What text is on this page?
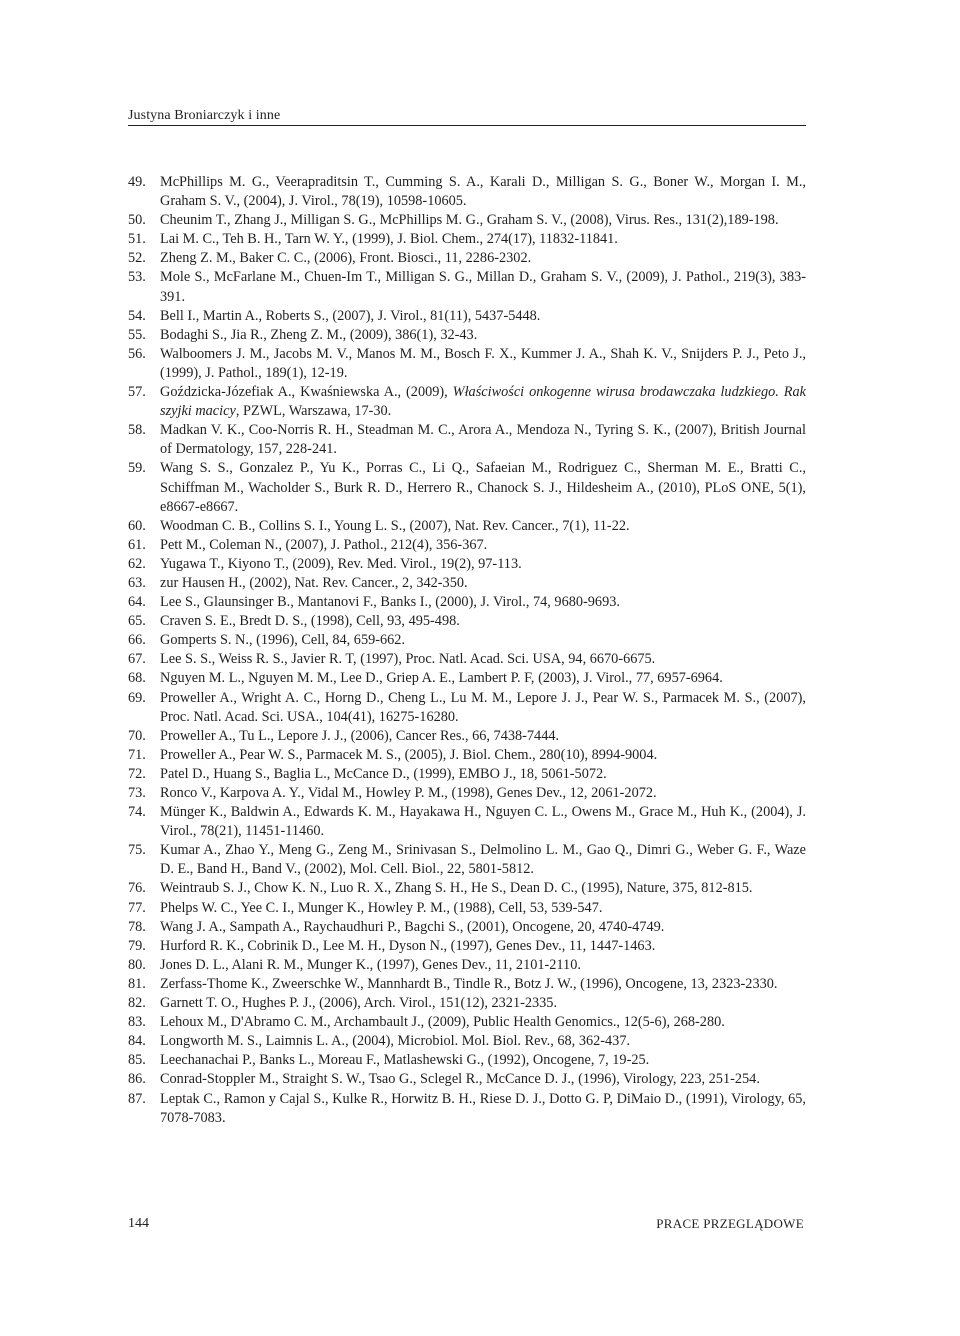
Justyna Broniarczyk i inne
49. McPhillips M. G., Veerapraditsin T., Cumming S. A., Karali D., Milligan S. G., Boner W., Morgan I. M., Graham S. V., (2004), J. Virol., 78(19), 10598-10605.
50. Cheunim T., Zhang J., Milligan S. G., McPhillips M. G., Graham S. V., (2008), Virus. Res., 131(2),189-198.
51. Lai M. C., Teh B. H., Tarn W. Y., (1999), J. Biol. Chem., 274(17), 11832-11841.
52. Zheng Z. M., Baker C. C., (2006), Front. Biosci., 11, 2286-2302.
53. Mole S., McFarlane M., Chuen-Im T., Milligan S. G., Millan D., Graham S. V., (2009), J. Pathol., 219(3), 383-391.
54. Bell I., Martin A., Roberts S., (2007), J. Virol., 81(11), 5437-5448.
55. Bodaghi S., Jia R., Zheng Z. M., (2009), 386(1), 32-43.
56. Walboomers J. M., Jacobs M. V., Manos M. M., Bosch F. X., Kummer J. A., Shah K. V., Snijders P. J., Peto J., (1999), J. Pathol., 189(1), 12-19.
57. Goździcka-Józefiak A., Kwaśniewska A., (2009), Właściwości onkogenne wirusa brodawczaka ludzkiego. Rak szyjki macicy, PZWL, Warszawa, 17-30.
58. Madkan V. K., Coo-Norris R. H., Steadman M. C., Arora A., Mendoza N., Tyring S. K., (2007), British Journal of Dermatology, 157, 228-241.
59. Wang S. S., Gonzalez P., Yu K., Porras C., Li Q., Safaeian M., Rodriguez C., Sherman M. E., Bratti C., Schiffman M., Wacholder S., Burk R. D., Herrero R., Chanock S. J., Hildesheim A., (2010), PLoS ONE, 5(1), e8667-e8667.
60. Woodman C. B., Collins S. I., Young L. S., (2007), Nat. Rev. Cancer., 7(1), 11-22.
61. Pett M., Coleman N., (2007), J. Pathol., 212(4), 356-367.
62. Yugawa T., Kiyono T., (2009), Rev. Med. Virol., 19(2), 97-113.
63. zur Hausen H., (2002), Nat. Rev. Cancer., 2, 342-350.
64. Lee S., Glaunsinger B., Mantanovi F., Banks I., (2000), J. Virol., 74, 9680-9693.
65. Craven S. E., Bredt D. S., (1998), Cell, 93, 495-498.
66. Gomperts S. N., (1996), Cell, 84, 659-662.
67. Lee S. S., Weiss R. S., Javier R. T, (1997), Proc. Natl. Acad. Sci. USA, 94, 6670-6675.
68. Nguyen M. L., Nguyen M. M., Lee D., Griep A. E., Lambert P. F, (2003), J. Virol., 77, 6957-6964.
69. Proweller A., Wright A. C., Horng D., Cheng L., Lu M. M., Lepore J. J., Pear W. S., Parmacek M. S., (2007), Proc. Natl. Acad. Sci. USA., 104(41), 16275-16280.
70. Proweller A., Tu L., Lepore J. J., (2006), Cancer Res., 66, 7438-7444.
71. Proweller A., Pear W. S., Parmacek M. S., (2005), J. Biol. Chem., 280(10), 8994-9004.
72. Patel D., Huang S., Baglia L., McCance D., (1999), EMBO J., 18, 5061-5072.
73. Ronco V., Karpova A. Y., Vidal M., Howley P. M., (1998), Genes Dev., 12, 2061-2072.
74. Münger K., Baldwin A., Edwards K. M., Hayakawa H., Nguyen C. L., Owens M., Grace M., Huh K., (2004), J. Virol., 78(21), 11451-11460.
75. Kumar A., Zhao Y., Meng G., Zeng M., Srinivasan S., Delmolino L. M., Gao Q., Dimri G., Weber G. F., Waze D. E., Band H., Band V., (2002), Mol. Cell. Biol., 22, 5801-5812.
76. Weintraub S. J., Chow K. N., Luo R. X., Zhang S. H., He S., Dean D. C., (1995), Nature, 375, 812-815.
77. Phelps W. C., Yee C. I., Munger K., Howley P. M., (1988), Cell, 53, 539-547.
78. Wang J. A., Sampath A., Raychaudhuri P., Bagchi S., (2001), Oncogene, 20, 4740-4749.
79. Hurford R. K., Cobrinik D., Lee M. H., Dyson N., (1997), Genes Dev., 11, 1447-1463.
80. Jones D. L., Alani R. M., Munger K., (1997), Genes Dev., 11, 2101-2110.
81. Zerfass-Thome K., Zweerschke W., Mannhardt B., Tindle R., Botz J. W., (1996), Oncogene, 13, 2323-2330.
82. Garnett T. O., Hughes P. J., (2006), Arch. Virol., 151(12), 2321-2335.
83. Lehoux M., D'Abramo C. M., Archambault J., (2009), Public Health Genomics., 12(5-6), 268-280.
84. Longworth M. S., Laimnis L. A., (2004), Microbiol. Mol. Biol. Rev., 68, 362-437.
85. Leechanachai P., Banks L., Moreau F., Matlashewski G., (1992), Oncogene, 7, 19-25.
86. Conrad-Stoppler M., Straight S. W., Tsao G., Sclegel R., McCance D. J., (1996), Virology, 223, 251-254.
87. Leptak C., Ramon y Cajal S., Kulke R., Horwitz B. H., Riese D. J., Dotto G. P, DiMaio D., (1991), Virology, 65, 7078-7083.
144	PRACE PRZEGLĄDOWE
